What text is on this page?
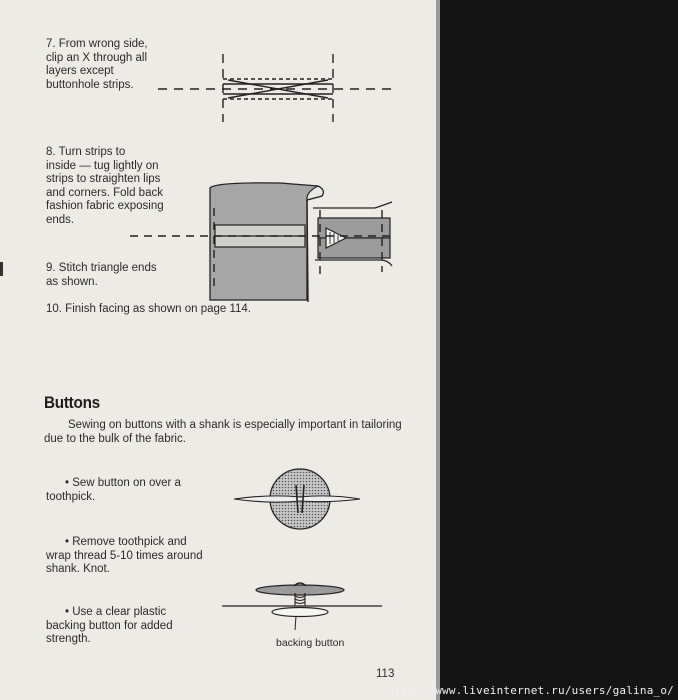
7. From wrong side,
clip an X through all
layers except
buttonhole strips.
8. Turn strips to
inside — tug lightly on
strips to straighten lips
and corners. Fold back
fashion fabric exposing
ends.
9. Stitch triangle ends
as shown.
10. Finish facing as shown on page 114.
Buttons
Sewing on buttons with a shank is especially important in tailoring due to the bulk of the fabric.
• Sew button on over a
toothpick.
• Remove toothpick and
wrap thread 5-10 times around
shank. Knot.
• Use a clear plastic
backing button for added
strength.	backing button
113
http://www.liveinternet.ru/users/galina_o/
